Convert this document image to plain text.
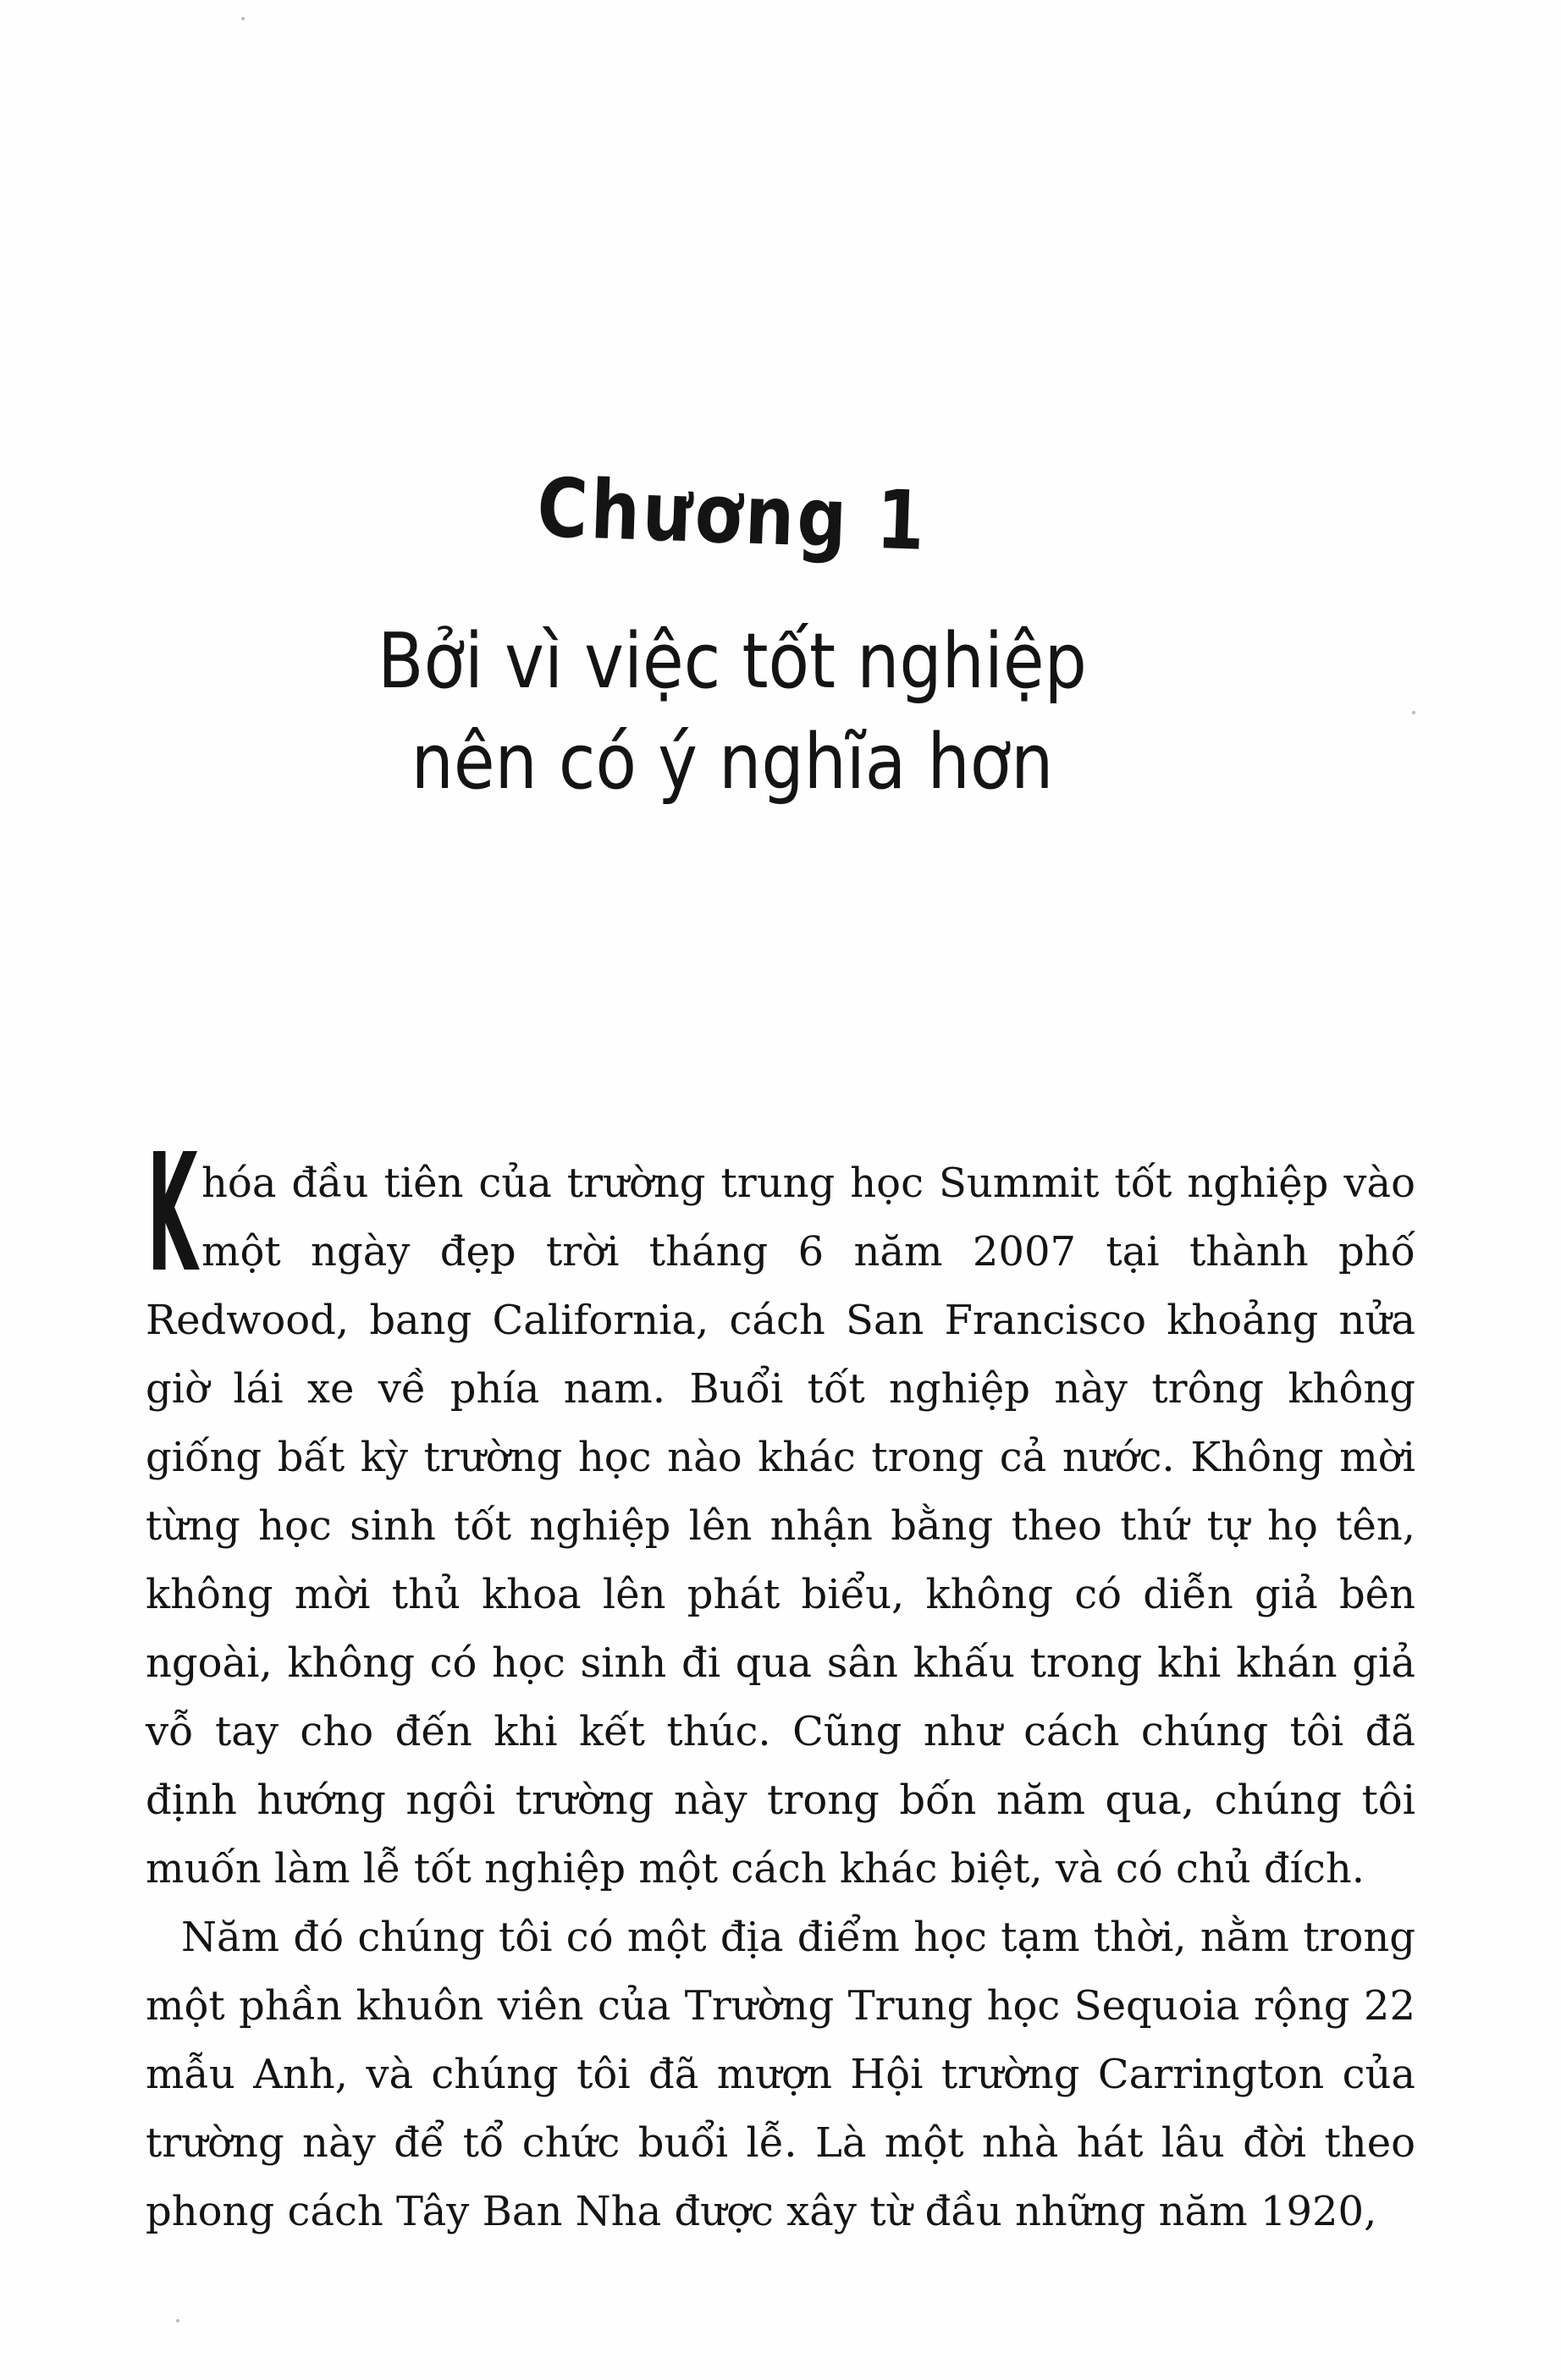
Chương 1
Bởi vì việc tốt nghiệp
nên có ý nghĩa hơn

Khóa đầu tiên của trường trung học Summit tốt nghiệp vào một ngày đẹp trời tháng 6 năm 2007 tại thành phố Redwood, bang California, cách San Francisco khoảng nửa giờ lái xe về phía nam. Buổi tốt nghiệp này trông không giống bất kỳ trường học nào khác trong cả nước. Không mời từng học sinh tốt nghiệp lên nhận bằng theo thứ tự họ tên, không mời thủ khoa lên phát biểu, không có diễn giả bên ngoài, không có học sinh đi qua sân khấu trong khi khán giả vỗ tay cho đến khi kết thúc. Cũng như cách chúng tôi đã định hướng ngôi trường này trong bốn năm qua, chúng tôi muốn làm lễ tốt nghiệp một cách khác biệt, và có chủ đích.

Năm đó chúng tôi có một địa điểm học tạm thời, nằm trong một phần khuôn viên của Trường Trung học Sequoia rộng 22 mẫu Anh, và chúng tôi đã mượn Hội trường Carrington của trường này để tổ chức buổi lễ. Là một nhà hát lâu đời theo phong cách Tây Ban Nha được xây từ đầu những năm 1920,
